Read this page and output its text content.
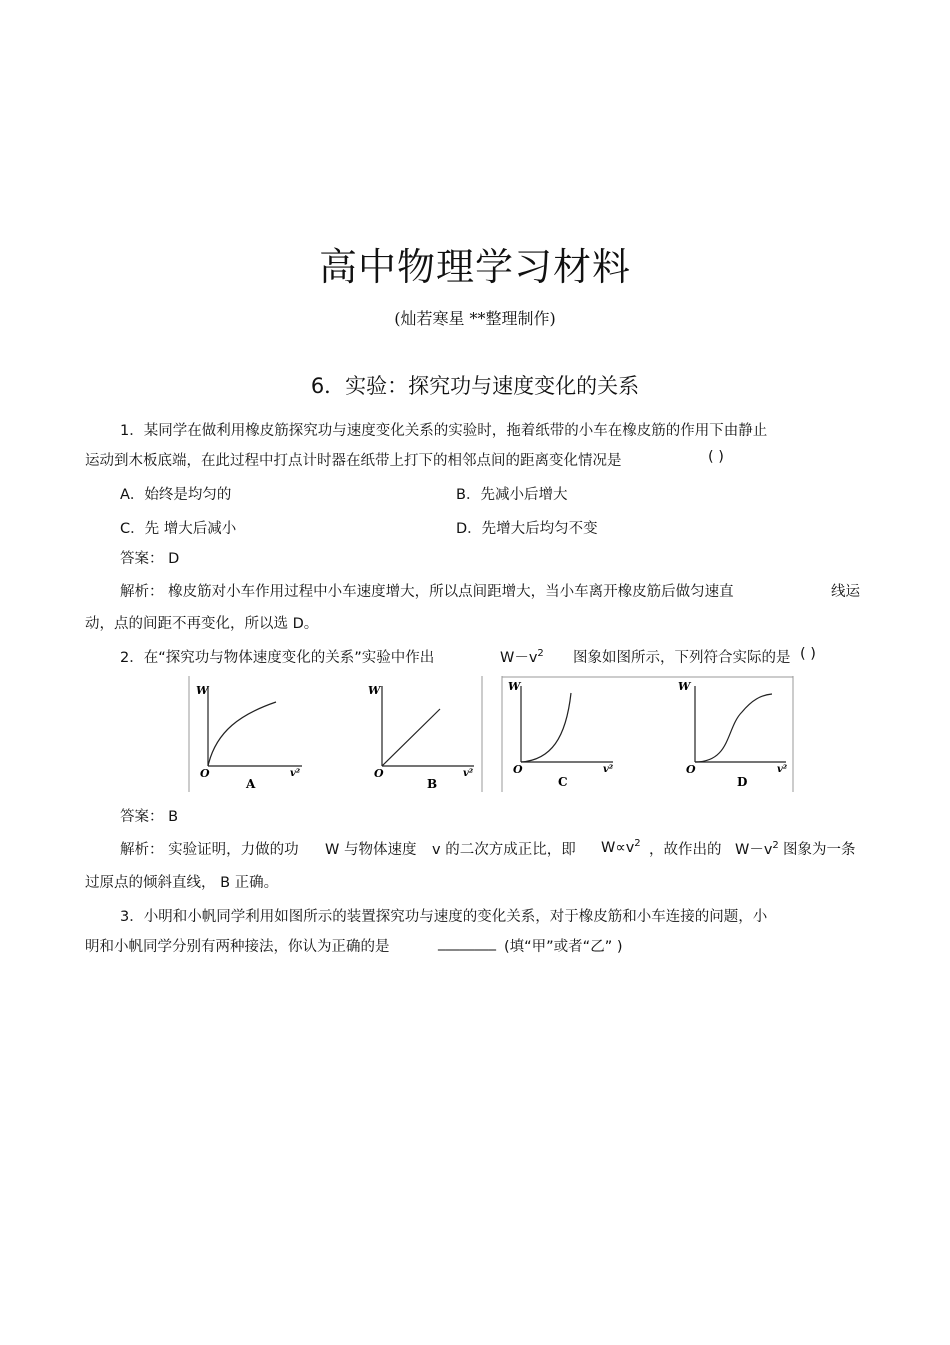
高中物理学习材料
(灿若寒星 **整理制作)
6．实验：探究功与速度变化的关系
1．某同学在做利用橡皮筋探究功与速度变化关系的实验时，拖着纸带的小车在橡皮筋的作用下由静止
运动到木板底端，在此过程中打点计时器在纸带上打下的相邻点间的距离变化情况是	( )
A．始终是均匀的	B．先减小后增大
C．先 增大后减小	D．先增大后均匀不变
答案： D
解析： 橡皮筋对小车作用过程中小车速度增大，所以点间距增大，当小车离开橡皮筋后做匀速直	线运
动，点的间距不再变化，所以选 D。
2．在“探究功与物体速度变化的关系”实验中作出	$W-v^2$ 图象如图所示，下列符合实际的是 ( )
W
v²
O
A
W
v²
O
B
W
v²
O
C
W
v²
O
D
答案： B
解析： 实验证明，力做的功 W 与物体速度 v 的二次方成正比，即 $W\propto v^2$ ，故作出的 $W-v^2$ 图象为一条
过原点的倾斜直线， B 正确。
3．小明和小帆同学利用如图所示的装置探究功与速度的变化关系，对于橡皮筋和小车连接的问题，小
明和小帆同学分别有两种接法，你认为正确的是	________ (填“甲”或者“乙” )
